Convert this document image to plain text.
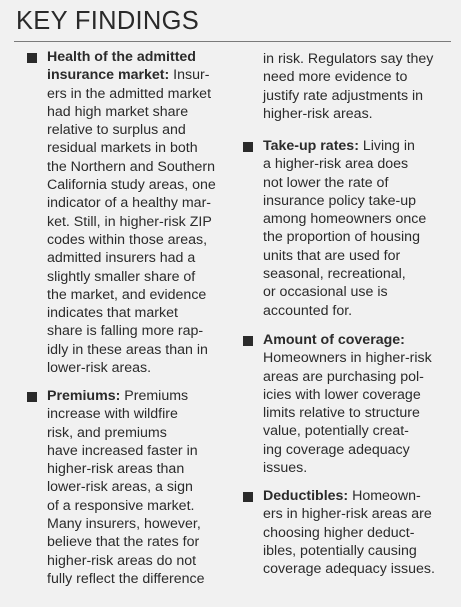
KEY FINDINGS
Health of the admitted
insurance market: Insur-
ers in the admitted market
had high market share
relative to surplus and
residual markets in both
the Northern and Southern
California study areas, one
indicator of a healthy mar-
ket. Still, in higher-risk ZIP
codes within those areas,
admitted insurers had a
slightly smaller share of
the market, and evidence
indicates that market
share is falling more rap-
idly in these areas than in
lower-risk areas.
Premiums: Premiums
increase with wildfire
risk, and premiums
have increased faster in
higher-risk areas than
lower-risk areas, a sign
of a responsive market.
Many insurers, however,
believe that the rates for
higher-risk areas do not
fully reflect the difference
in risk. Regulators say they
need more evidence to
justify rate adjustments in
higher-risk areas.
Take-up rates: Living in
a higher-risk area does
not lower the rate of
insurance policy take-up
among homeowners once
the proportion of housing
units that are used for
seasonal, recreational,
or occasional use is
accounted for.
Amount of coverage:
Homeowners in higher-risk
areas are purchasing pol-
icies with lower coverage
limits relative to structure
value, potentially creat-
ing coverage adequacy
issues.
Deductibles: Homeown-
ers in higher-risk areas are
choosing higher deduct-
ibles, potentially causing
coverage adequacy issues.
